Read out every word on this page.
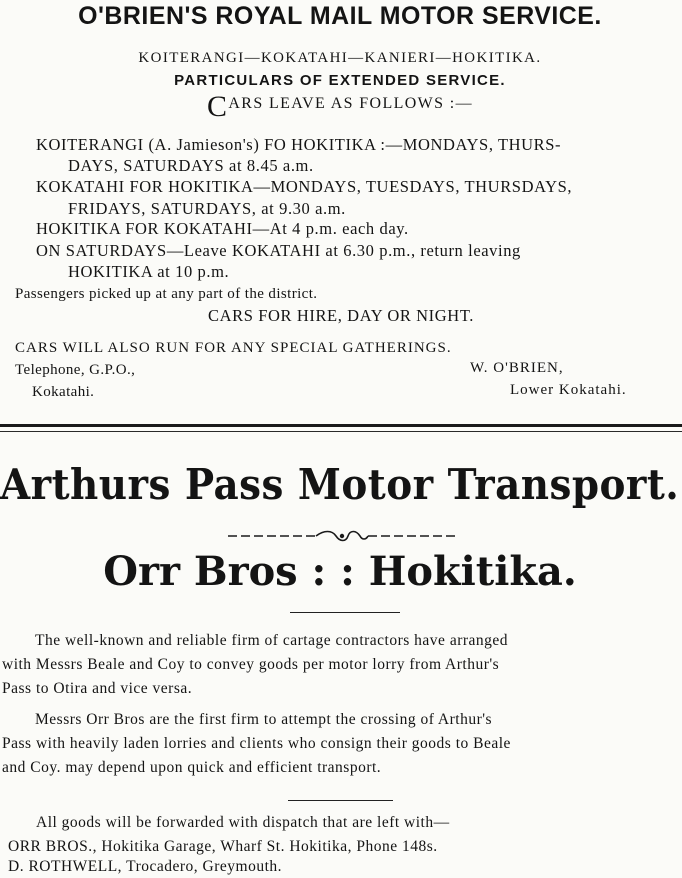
O'BRIEN'S ROYAL MAIL MOTOR SERVICE.
KOITERANGI—KOKATAHI—KANIERI—HOKITIKA.
PARTICULARS OF EXTENDED SERVICE.
CARS LEAVE AS FOLLOWS :—
KOITERANGI (A. Jamieson's) FO HOKITIKA :—MONDAYS, THURS-
DAYS, SATURDAYS at 8.45 a.m.
KOKATAHI FOR HOKITIKA—MONDAYS, TUESDAYS, THURSDAYS,
FRIDAYS, SATURDAYS, at 9.30 a.m.
HOKITIKA FOR KOKATAHI—At 4 p.m. each day.
ON SATURDAYS—Leave KOKATAHI at 6.30 p.m., return leaving
HOKITIKA at 10 p.m.
Passengers picked up at any part of the district.
CARS FOR HIRE, DAY OR NIGHT.
CARS WILL ALSO RUN FOR ANY SPECIAL GATHERINGS.
Telephone, G.P.O.,	W. O'BRIEN,
Kokatahi.	Lower Kokatahi.
Arthurs Pass Motor Transport.
Orr Bros : : Hokitika.
The well-known and reliable firm of cartage contractors have arranged
with Messrs Beale and Coy to convey goods per motor lorry from Arthur's
Pass to Otira and vice versa.
Messrs Orr Bros are the first firm to attempt the crossing of Arthur's
Pass with heavily laden lorries and clients who consign their goods to Beale
and Coy. may depend upon quick and efficient transport.
All goods will be forwarded with dispatch that are left with—
ORR BROS., Hokitika Garage, Wharf St. Hokitika, Phone 148s.
D. ROTHWELL, Trocadero, Greymouth.
